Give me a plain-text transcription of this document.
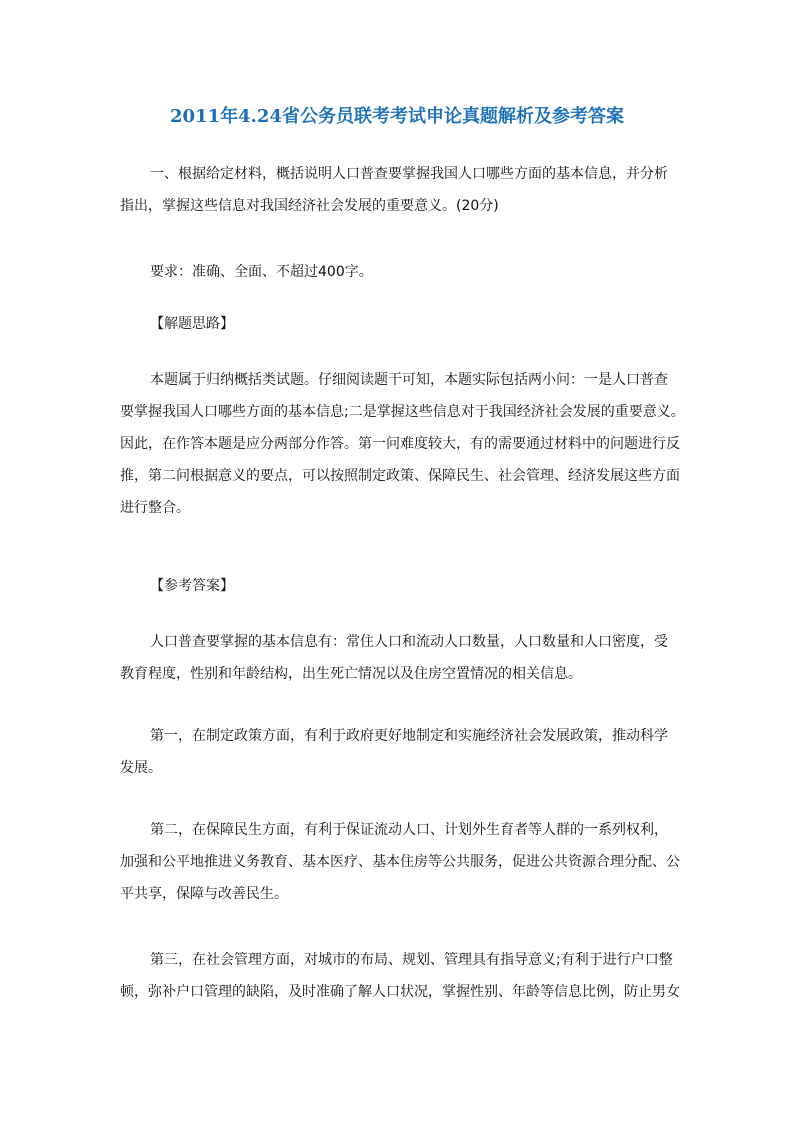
2011年4.24省公务员联考考试申论真题解析及参考答案
一、根据给定材料，概括说明人口普查要掌握我国人口哪些方面的基本信息，并分析
指出，掌握这些信息对我国经济社会发展的重要意义。(20分)
要求：准确、全面、不超过400字。
【解题思路】
本题属于归纳概括类试题。仔细阅读题干可知，本题实际包括两小问：一是人口普查
要掌握我国人口哪些方面的基本信息;二是掌握这些信息对于我国经济社会发展的重要意义。
因此，在作答本题是应分两部分作答。第一问难度较大，有的需要通过材料中的问题进行反
推，第二问根据意义的要点，可以按照制定政策、保障民生、社会管理、经济发展这些方面
进行整合。
【参考答案】
人口普查要掌握的基本信息有：常住人口和流动人口数量，人口数量和人口密度，受
教育程度，性别和年龄结构，出生死亡情况以及住房空置情况的相关信息。
第一，在制定政策方面，有利于政府更好地制定和实施经济社会发展政策，推动科学
发展。
第二，在保障民生方面，有利于保证流动人口、计划外生育者等人群的一系列权利，
加强和公平地推进义务教育、基本医疗、基本住房等公共服务，促进公共资源合理分配、公
平共享，保障与改善民生。
第三，在社会管理方面，对城市的布局、规划、管理具有指导意义;有利于进行户口整
顿，弥补户口管理的缺陷，及时准确了解人口状况，掌握性别、年龄等信息比例，防止男女
